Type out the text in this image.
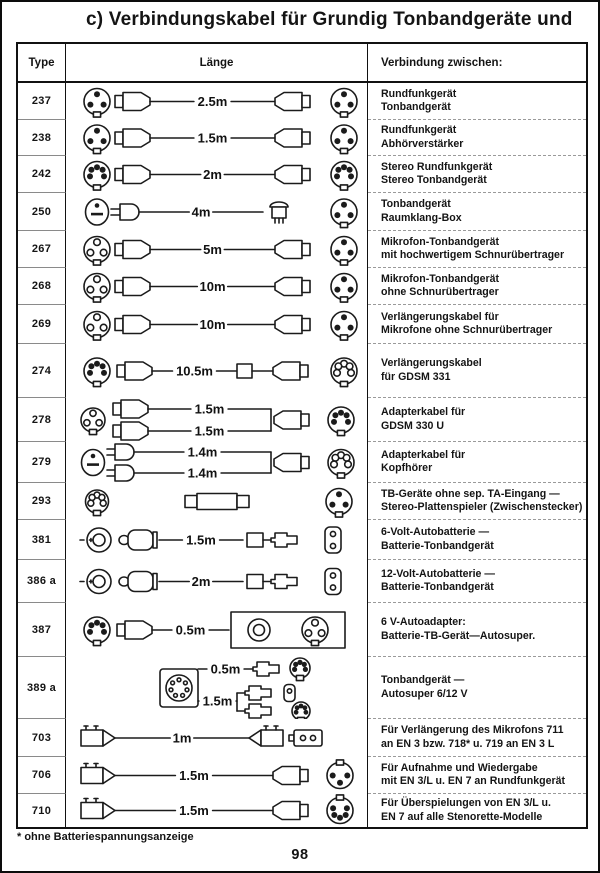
c) Verbindungskabel für Grundig Tonbandgeräte und
Type	Länge	Verbindung zwischen:
237	2.5m
Rundfunkgerät
Tonbandgerät
238	1.5m
Rundfunkgerät
Abhörverstärker
242	2m
Stereo Rundfunkgerät
Stereo Tonbandgerät
250	4m
Tonbandgerät
Raumklang-Box
267	5m
Mikrofon-Tonbandgerät
mit hochwertigem Schnurübertrager
268	10m
Mikrofon-Tonbandgerät
ohne Schnurübertrager
269	10m
Verlängerungskabel für
Mikrofone ohne Schnurübertrager
274	10.5m
Verlängerungskabel
für GDSM 331
278
1.5m
1.5m
Adapterkabel für
GDSM 330 U
279
1.4m
1.4m
Adapterkabel für
Kopfhörer
293
TB-Geräte ohne sep. TA-Eingang —
Stereo-Plattenspieler (Zwischenstecker)
381	1.5m
6-Volt-Autobatterie —
Batterie-Tonbandgerät
386 a	2m
12-Volt-Autobatterie —
Batterie-Tonbandgerät
387	0.5m
6 V-Autoadapter:
Batterie-TB-Gerät—Autosuper.
389 a
0.5m
1.5m
Tonbandgerät —
Autosuper 6/12 V
703	1m
Für Verlängerung des Mikrofons 711
an EN 3 bzw. 718* u. 719 an EN 3 L
706	1.5m
Für Aufnahme und Wiedergabe
mit EN 3/L u. EN 7 an Rundfunkgerät
710	1.5m	Für Überspielungen von EN 3/L u.
EN 7 auf alle Stenorette-Modelle
* ohne Batteriespannungsanzeige
98
